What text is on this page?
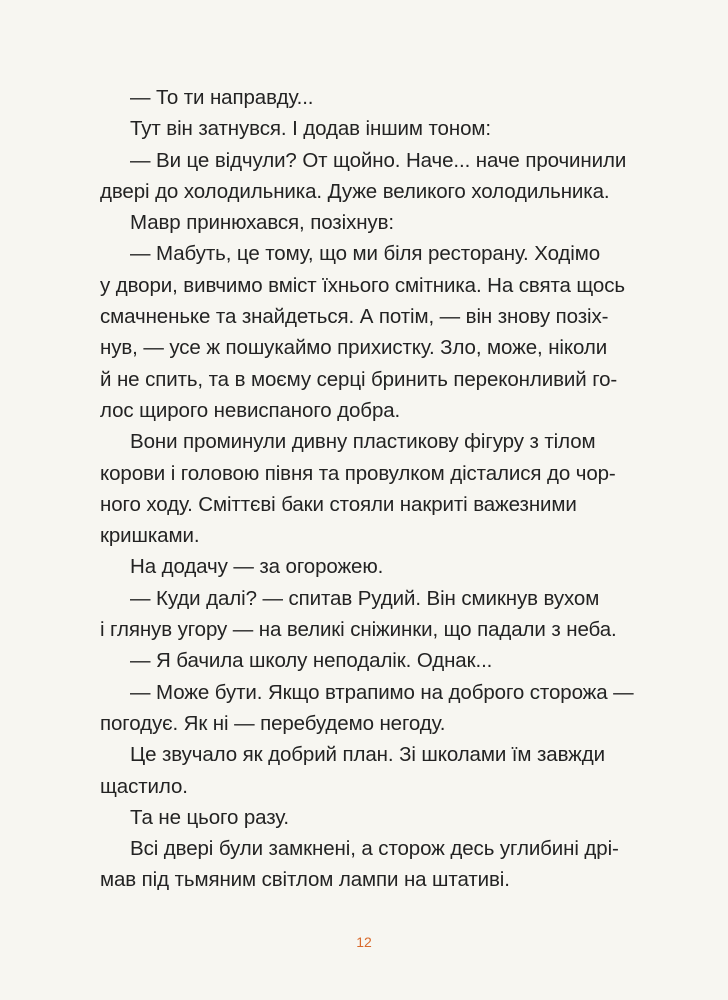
— То ти направду...
Тут він затнувся. І додав іншим тоном:
— Ви це відчули? От щойно. Наче... наче прочинили
двері до холодильника. Дуже великого холодильника.
Мавр принюхався, позіхнув:
— Мабуть, це тому, що ми біля ресторану. Ходімо
у двори, вивчимо вміст їхнього смітника. На свята щось
смачненьке та знайдеться. А потім, — він знову позіх-
нув, — усе ж пошукаймо прихистку. Зло, може, ніколи
й не спить, та в моєму серці бринить переконливий го-
лос щирого невиспаного добра.
Вони проминули дивну пластикову фігуру з тілом
корови і головою півня та провулком дісталися до чор-
ного ходу. Сміттєві баки стояли накриті важезними
кришками.
На додачу — за огорожею.
— Куди далі? — спитав Рудий. Він смикнув вухом
і глянув угору — на великі сніжинки, що падали з неба.
— Я бачила школу неподалік. Однак...
— Може бути. Якщо втрапимо на доброго сторожа —
погодує. Як ні — перебудемо негоду.
Це звучало як добрий план. Зі школами їм завжди
щастило.
Та не цього разу.
Всі двері були замкнені, а сторож десь углибині дрі-
мав під тьмяним світлом лампи на штативі.
12
